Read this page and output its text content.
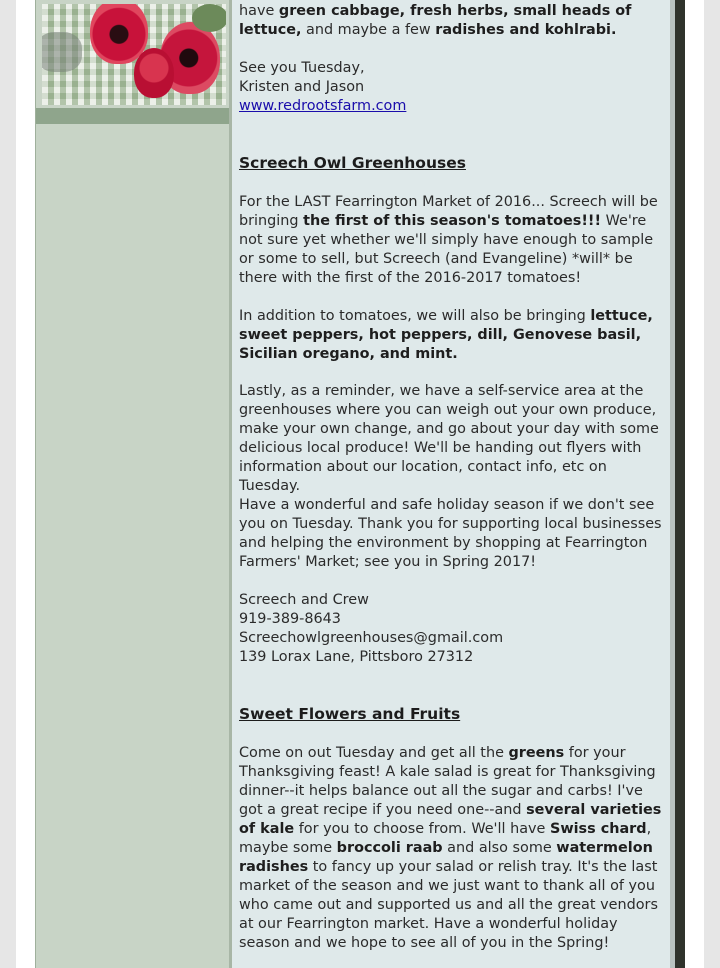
have green cabbage, fresh herbs, small heads of lettuce, and maybe a few radishes and kohlrabi.
See you Tuesday,
Kristen and Jason
www.redrootsfarm.com
Screech Owl Greenhouses
For the LAST Fearrington Market of 2016... Screech will be bringing the first of this season's tomatoes!!! We're not sure yet whether we'll simply have enough to sample or some to sell, but Screech (and Evangeline) *will* be there with the first of the 2016-2017 tomatoes!
In addition to tomatoes, we will also be bringing lettuce, sweet peppers, hot peppers, dill, Genovese basil, Sicilian oregano, and mint.
Lastly, as a reminder, we have a self-service area at the greenhouses where you can weigh out your own produce, make your own change, and go about your day with some delicious local produce! We'll be handing out flyers with information about our location, contact info, etc on Tuesday.
Have a wonderful and safe holiday season if we don't see you on Tuesday. Thank you for supporting local businesses and helping the environment by shopping at Fearrington Farmers' Market; see you in Spring 2017!
Screech and Crew
919-389-8643
Screechowlgreenhouses@gmail.com
139 Lorax Lane, Pittsboro 27312
Sweet Flowers and Fruits
Come on out Tuesday and get all the greens for your Thanksgiving feast! A kale salad is great for Thanksgiving dinner--it helps balance out all the sugar and carbs! I've got a great recipe if you need one--and several varieties of kale for you to choose from. We'll have Swiss chard, maybe some broccoli raab and also some watermelon radishes to fancy up your salad or relish tray. It's the last market of the season and we just want to thank all of you who came out and supported us and all the great vendors at our Fearrington market. Have a wonderful holiday season and we hope to see all of you in the Spring!
